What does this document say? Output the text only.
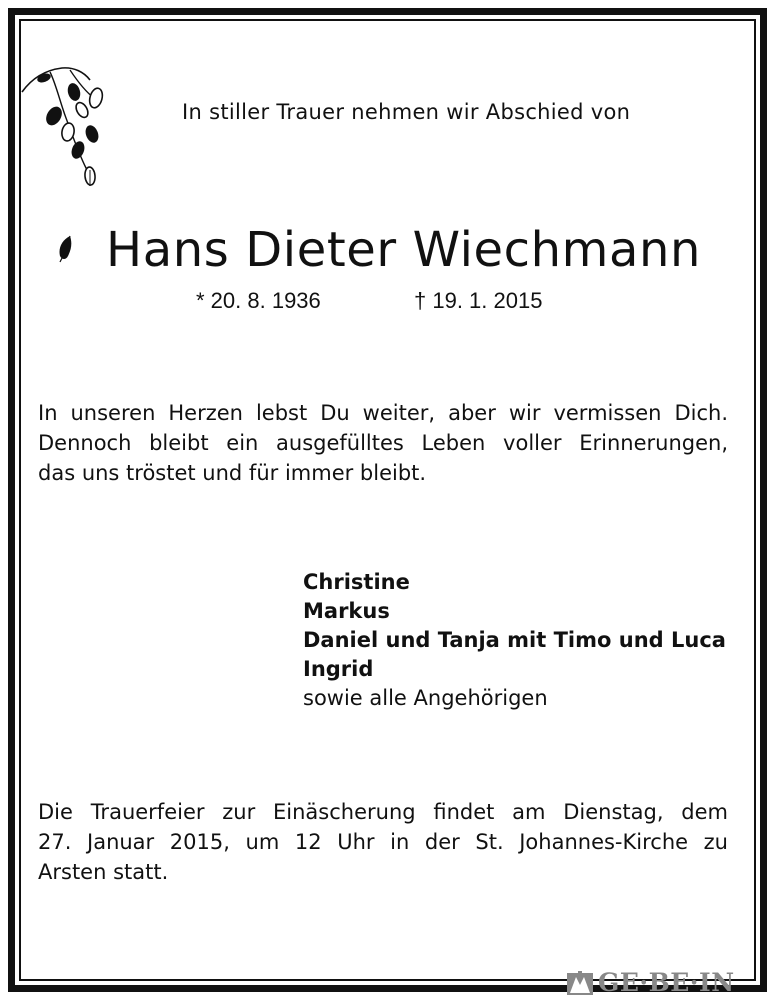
In stiller Trauer nehmen wir Abschied von
Hans Dieter Wiechmann
* 20. 8. 1936	† 19. 1. 2015
In unseren Herzen lebst Du weiter, aber wir vermissen Dich.
Dennoch bleibt ein ausgefülltes Leben voller Erinnerungen,
das uns tröstet und für immer bleibt.
Christine
Markus
Daniel und Tanja mit Timo und Luca
Ingrid
sowie alle Angehörigen
Die Trauerfeier zur Einäscherung findet am Dienstag, dem
27. Januar 2015, um 12 Uhr in der St. Johannes-Kirche zu
Arsten statt.
GE·BE·IN
